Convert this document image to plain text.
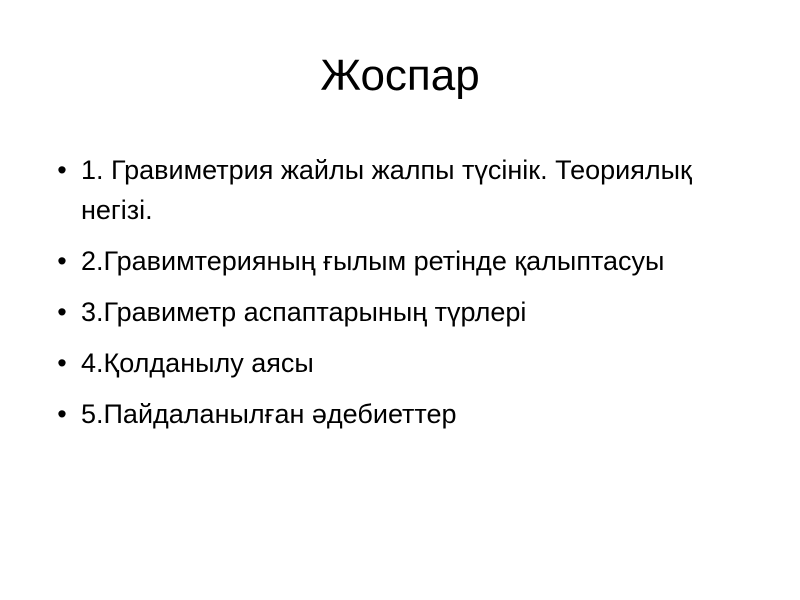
Жоспар
• 1. Гравиметрия жайлы жалпы түсінік. Теориялық негізі.
• 2.Гравимтерияның ғылым ретінде қалыптасуы
• 3.Гравиметр аспаптарының түрлері
• 4.Қолданылу аясы
• 5.Пайдаланылған әдебиеттер
